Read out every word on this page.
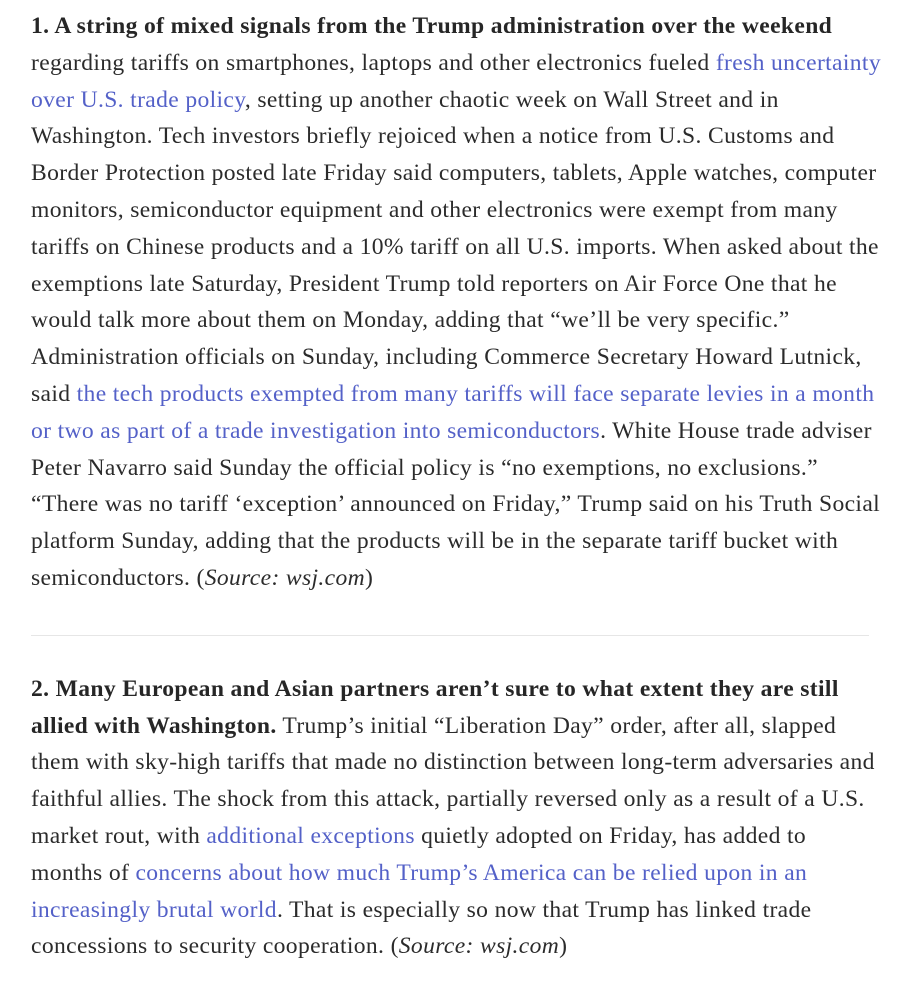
1. A string of mixed signals from the Trump administration over the weekend regarding tariffs on smartphones, laptops and other electronics fueled fresh uncertainty over U.S. trade policy, setting up another chaotic week on Wall Street and in Washington. Tech investors briefly rejoiced when a notice from U.S. Customs and Border Protection posted late Friday said computers, tablets, Apple watches, computer monitors, semiconductor equipment and other electronics were exempt from many tariffs on Chinese products and a 10% tariff on all U.S. imports. When asked about the exemptions late Saturday, President Trump told reporters on Air Force One that he would talk more about them on Monday, adding that “we’ll be very specific.” Administration officials on Sunday, including Commerce Secretary Howard Lutnick, said the tech products exempted from many tariffs will face separate levies in a month or two as part of a trade investigation into semiconductors. White House trade adviser Peter Navarro said Sunday the official policy is “no exemptions, no exclusions.” “There was no tariff ‘exception’ announced on Friday,” Trump said on his Truth Social platform Sunday, adding that the products will be in the separate tariff bucket with semiconductors. (Source: wsj.com)

2. Many European and Asian partners aren’t sure to what extent they are still allied with Washington. Trump’s initial “Liberation Day” order, after all, slapped them with sky-high tariffs that made no distinction between long-term adversaries and faithful allies. The shock from this attack, partially reversed only as a result of a U.S. market rout, with additional exceptions quietly adopted on Friday, has added to months of concerns about how much Trump’s America can be relied upon in an increasingly brutal world. That is especially so now that Trump has linked trade concessions to security cooperation. (Source: wsj.com)
